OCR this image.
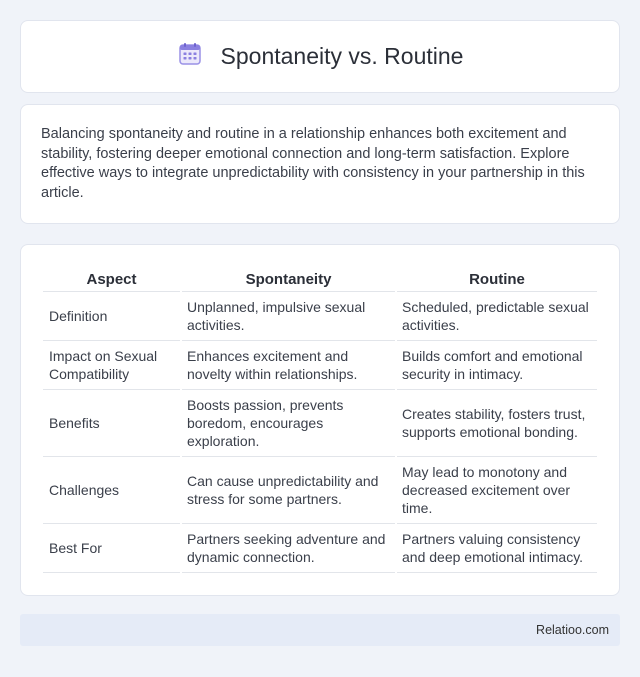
Spontaneity vs. Routine

Balancing spontaneity and routine in a relationship enhances both excitement and stability, fostering deeper emotional connection and long-term satisfaction. Explore effective ways to integrate unpredictability with consistency in your partnership in this article.

Aspect	Spontaneity	Routine
Definition	Unplanned, impulsive sexual activities.	Scheduled, predictable sexual activities.
Impact on Sexual Compatibility	Enhances excitement and novelty within relationships.	Builds comfort and emotional security in intimacy.
Benefits	Boosts passion, prevents boredom, encourages exploration.	Creates stability, fosters trust, supports emotional bonding.
Challenges	Can cause unpredictability and stress for some partners.	May lead to monotony and decreased excitement over time.
Best For	Partners seeking adventure and dynamic connection.	Partners valuing consistency and deep emotional intimacy.
Relatioo.com
